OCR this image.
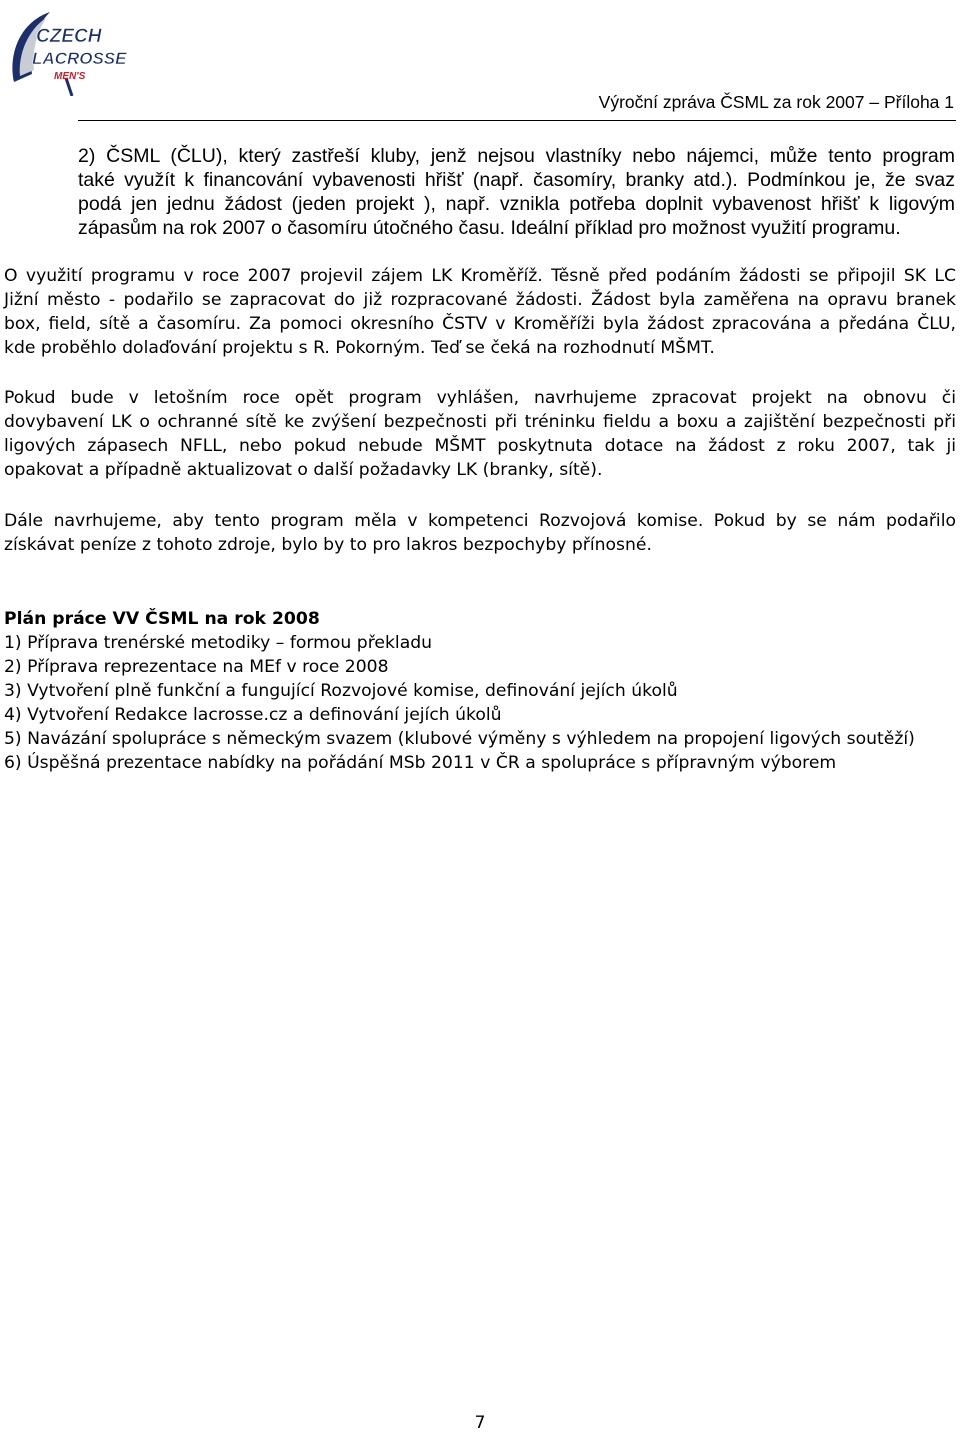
CZECH
LACROSSE
MEN'S
Výroční zpráva ČSML za rok 2007 – Příloha 1

2) ČSML (ČLU), který zastřeší kluby, jenž nejsou vlastníky nebo nájemci, může tento program
také využít k financování vybavenosti hřišť (např. časomíry, branky atd.). Podmínkou je, že svaz
podá jen jednu žádost (jeden projekt ), např. vznikla potřeba doplnit vybavenost hřišť k ligovým
zápasům na rok 2007 o časomíru útočného času. Ideální příklad pro možnost využití programu.

O využití programu v roce 2007 projevil zájem LK Kroměříž. Těsně před podáním žádosti se připojil SK LC
Jižní město - podařilo se zapracovat do již rozpracované žádosti. Žádost byla zaměřena na opravu branek
box, field, sítě a časomíru. Za pomoci okresního ČSTV v Kroměříži byla žádost zpracována a předána ČLU,
kde proběhlo dolaďování projektu s R. Pokorným. Teď se čeká na rozhodnutí MŠMT.

Pokud bude v letošním roce opět program vyhlášen, navrhujeme zpracovat projekt na obnovu či
dovybavení LK o ochranné sítě ke zvýšení bezpečnosti při tréninku fieldu a boxu a zajištění bezpečnosti při
ligových zápasech NFLL, nebo pokud nebude MŠMT poskytnuta dotace na žádost z roku 2007, tak ji
opakovat a případně aktualizovat o další požadavky LK (branky, sítě).

Dále navrhujeme, aby tento program měla v kompetenci Rozvojová komise. Pokud by se nám podařilo
získávat peníze z tohoto zdroje, bylo by to pro lakros bezpochyby přínosné.

Plán práce VV ČSML na rok 2008
1) Příprava trenérské metodiky – formou překladu
2) Příprava reprezentace na MEf v roce 2008
3) Vytvoření plně funkční a fungující Rozvojové komise, definování jejích úkolů
4) Vytvoření Redakce lacrosse.cz a definování jejích úkolů
5) Navázání spolupráce s německým svazem (klubové výměny s výhledem na propojení ligových soutěží)
6) Úspěšná prezentace nabídky na pořádání MSb 2011 v ČR a spolupráce s přípravným výborem
7
